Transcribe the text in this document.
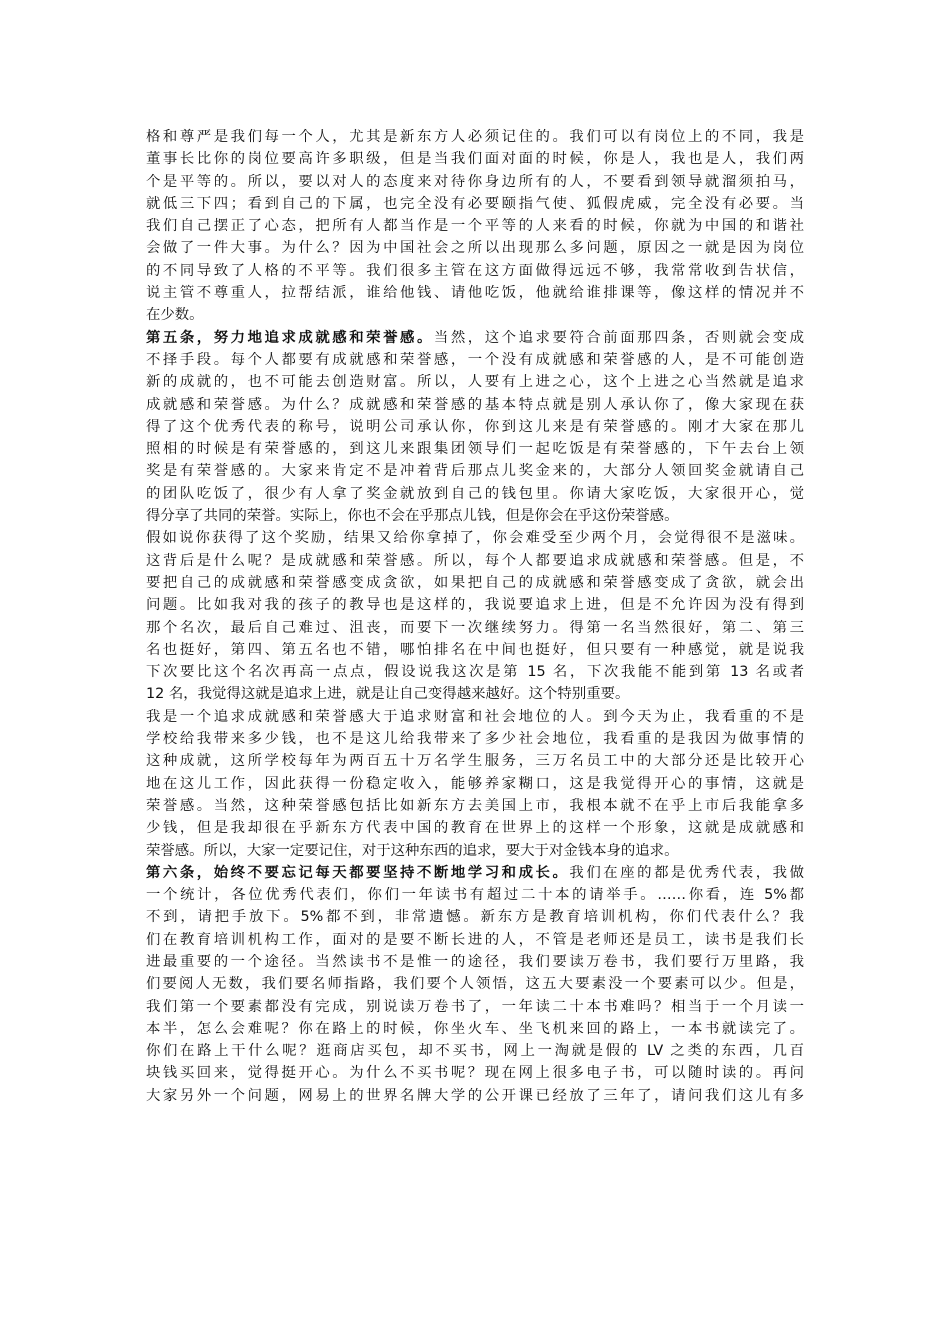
格和尊严是我们每一个人，尤其是新东方人必须记住的。我们可以有岗位上的不同，我是
董事长比你的岗位要高许多职级，但是当我们面对面的时候，你是人，我也是人，我们两
个是平等的。所以，要以对人的态度来对待你身边所有的人，不要看到领导就溜须拍马，
就低三下四；看到自己的下属，也完全没有必要颐指气使、狐假虎威，完全没有必要。当
我们自己摆正了心态，把所有人都当作是一个平等的人来看的时候，你就为中国的和谐社
会做了一件大事。为什么？因为中国社会之所以出现那么多问题，原因之一就是因为岗位
的不同导致了人格的不平等。我们很多主管在这方面做得远远不够，我常常收到告状信，
说主管不尊重人，拉帮结派，谁给他钱、请他吃饭，他就给谁排课等，像这样的情况并不
在少数。
第五条，努力地追求成就感和荣誉感。当然，这个追求要符合前面那四条，否则就会变成
不择手段。每个人都要有成就感和荣誉感，一个没有成就感和荣誉感的人，是不可能创造
新的成就的，也不可能去创造财富。所以，人要有上进之心，这个上进之心当然就是追求
成就感和荣誉感。为什么？成就感和荣誉感的基本特点就是别人承认你了，像大家现在获
得了这个优秀代表的称号，说明公司承认你，你到这儿来是有荣誉感的。刚才大家在那儿
照相的时候是有荣誉感的，到这儿来跟集团领导们一起吃饭是有荣誉感的，下午去台上领
奖是有荣誉感的。大家来肯定不是冲着背后那点儿奖金来的，大部分人领回奖金就请自己
的团队吃饭了，很少有人拿了奖金就放到自己的钱包里。你请大家吃饭，大家很开心，觉
得分享了共同的荣誉。实际上，你也不会在乎那点儿钱，但是你会在乎这份荣誉感。
假如说你获得了这个奖励，结果又给你拿掉了，你会难受至少两个月，会觉得很不是滋味。
这背后是什么呢？是成就感和荣誉感。所以，每个人都要追求成就感和荣誉感。但是，不
要把自己的成就感和荣誉感变成贪欲，如果把自己的成就感和荣誉感变成了贪欲，就会出
问题。比如我对我的孩子的教导也是这样的，我说要追求上进，但是不允许因为没有得到
那个名次，最后自己难过、沮丧，而要下一次继续努力。得第一名当然很好，第二、第三
名也挺好，第四、第五名也不错，哪怕排名在中间也挺好，但只要有一种感觉，就是说我
下次要比这个名次再高一点点，假设说我这次是第 15 名，下次我能不能到第 13 名或者
12 名，我觉得这就是追求上进，就是让自己变得越来越好。这个特别重要。
我是一个追求成就感和荣誉感大于追求财富和社会地位的人。到今天为止，我看重的不是
学校给我带来多少钱，也不是这儿给我带来了多少社会地位，我看重的是我因为做事情的
这种成就，这所学校每年为两百五十万名学生服务，三万名员工中的大部分还是比较开心
地在这儿工作，因此获得一份稳定收入，能够养家糊口，这是我觉得开心的事情，这就是
荣誉感。当然，这种荣誉感包括比如新东方去美国上市，我根本就不在乎上市后我能拿多
少钱，但是我却很在乎新东方代表中国的教育在世界上的这样一个形象，这就是成就感和
荣誉感。所以，大家一定要记住，对于这种东西的追求，要大于对金钱本身的追求。
第六条，始终不要忘记每天都要坚持不断地学习和成长。我们在座的都是优秀代表，我做
一个统计，各位优秀代表们，你们一年读书有超过二十本的请举手。……你看，连 5%都
不到，请把手放下。5%都不到，非常遗憾。新东方是教育培训机构，你们代表什么？我
们在教育培训机构工作，面对的是要不断长进的人，不管是老师还是员工，读书是我们长
进最重要的一个途径。当然读书不是惟一的途径，我们要读万卷书，我们要行万里路，我
们要阅人无数，我们要名师指路，我们要个人领悟，这五大要素没一个要素可以少。但是，
我们第一个要素都没有完成，别说读万卷书了，一年读二十本书难吗？相当于一个月读一
本半，怎么会难呢？你在路上的时候，你坐火车、坐飞机来回的路上，一本书就读完了。
你们在路上干什么呢？逛商店买包，却不买书，网上一淘就是假的 LV 之类的东西，几百
块钱买回来，觉得挺开心。为什么不买书呢？现在网上很多电子书，可以随时读的。再问
大家另外一个问题，网易上的世界名牌大学的公开课已经放了三年了，请问我们这儿有多
